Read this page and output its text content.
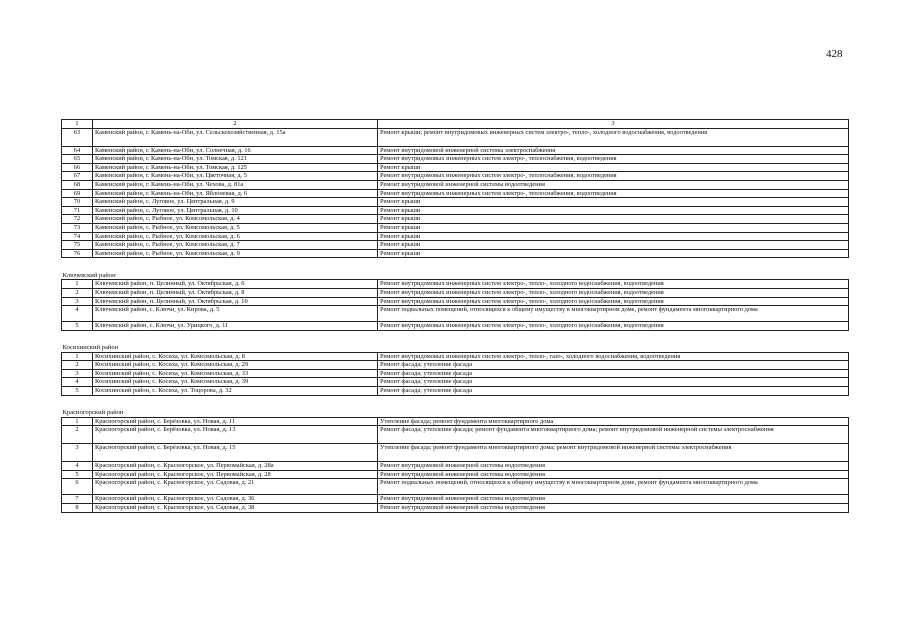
428
1	2	3
63	Каменский район, г. Камень-на-Оби, ул. Сельскохозяйственная, д. 15а	Ремонт крыши; ремонт внутридомовых инженерных систем электро-, тепло-, холодного водоснабжения, водоотведения
64	Каменский район, г. Камень-на-Оби, ул. Солнечная, д. 16	Ремонт внутридомовой инженерной системы электроснабжения
65	Каменский район, г. Камень-на-Оби, ул. Томская, д. 121	Ремонт внутридомовых инженерных систем электро-, теплоснабжения, водоотведения
66	Каменский район, г. Камень-на-Оби, ул. Томская, д. 125	Ремонт крыши
67	Каменский район, г. Камень-на-Оби, ул. Цветочная, д. 5	Ремонт внутридомовых инженерных систем электро-, теплоснабжения, водоотведения
68	Каменский район, г. Камень-на-Оби, ул. Чехова, д. 81а	Ремонт внутридомовой инженерной системы водоотведения
69	Каменский район, г. Камень-на-Оби, ул. Яблоневая, д. 6	Ремонт внутридомовых инженерных систем электро-, теплоснабжения, водоотведения
70	Каменский район, с. Луговое, ул. Центральная, д. 9	Ремонт крыши
71	Каменский район, с. Луговое, ул. Центральная, д. 10	Ремонт крыши
72	Каменский район, с. Рыбное, ул. Комсомольская, д. 4	Ремонт крыши
73	Каменский район, с. Рыбное, ул. Комсомольская, д. 5	Ремонт крыши
74	Каменский район, с. Рыбное, ул. Комсомольская, д. 6	Ремонт крыши
75	Каменский район, с. Рыбное, ул. Комсомольская, д. 7	Ремонт крыши
76	Каменский район, с. Рыбное, ул. Комсомольская, д. 9	Ремонт крыши

Ключевский район		
1	Ключевский район, п. Целинный, ул. Октябрьская, д. 6	Ремонт внутридомовых инженерных систем электро-, тепло-, холодного водоснабжения, водоотведения
2	Ключевский район, п. Целинный, ул. Октябрьская, д. 8	Ремонт внутридомовых инженерных систем электро-, тепло-, холодного водоснабжения, водоотведения
3	Ключевский район, п. Целинный, ул. Октябрьская, д. 10	Ремонт внутридомовых инженерных систем электро-, тепло-, холодного водоснабжения, водоотведения
4	Ключевский район, с. Ключи, ул. Кирова, д. 5	Ремонт подвальных помещений, относящихся к общему имуществу в многоквартирном доме, ремонт фундамента многоквартирного дома
5	Ключевский район, с. Ключи, ул. Урицкого, д. 11	Ремонт внутридомовых инженерных систем электро-, тепло-, холодного водоснабжения, водоотведения

Косихинский район		
1	Косихинский район, с. Косиха, ул. Комсомольская, д. 8	Ремонт внутридомовых инженерных систем электро-, тепло-, газо-, холодного водоснабжения, водоотведения
2	Косихинский район, с. Косиха, ул. Комсомольская, д. 29	Ремонт фасада; утепление фасада
3	Косихинский район, с. Косиха, ул. Комсомольская, д. 33	Ремонт фасада; утепление фасада
4	Косихинский район, с. Косиха, ул. Комсомольская, д. 39	Ремонт фасада; утепление фасада
5	Косихинский район, с. Косиха, ул. Тоцорова, д. 32	Ремонт фасада; утепление фасада

Красногорский район		
1	Красногорский район, с. Берёзовка, ул. Новая, д. 11	Утепление фасада; ремонт фундамента многоквартирного дома
2	Красногорский район, с. Берёзовка, ул. Новая, д. 13	Ремонт фасада; утепление фасада; ремонт фундамента многоквартирного дома; ремонт внутридомовой инженерной системы электроснабжения
3	Красногорский район, с. Берёзовка, ул. Новая, д. 15	Утепление фасада; ремонт фундамента многоквартирного дома; ремонт внутридомовой инженерной системы электроснабжения
4	Красногорский район, с. Красногорское, ул. Первомайская, д. 28а	Ремонт внутридомовой инженерной системы водоотведения
5	Красногорский район, с. Красногорское, ул. Первомайская, д. 28	Ремонт внутридомовой инженерной системы водоотведения
6	Красногорский район, с. Красногорское, ул. Садовая, д. 21	Ремонт подвальных помещений, относящихся к общему имуществу в многоквартирном доме, ремонт фундамента многоквартирного дома
7	Красногорский район, с. Красногорское, ул. Садовая, д. 36	Ремонт внутридомовой инженерной системы водоотведения
8	Красногорский район, с. Красногорское, ул. Садовая, д. 38	Ремонт внутридомовой инженерной системы водоотведения
